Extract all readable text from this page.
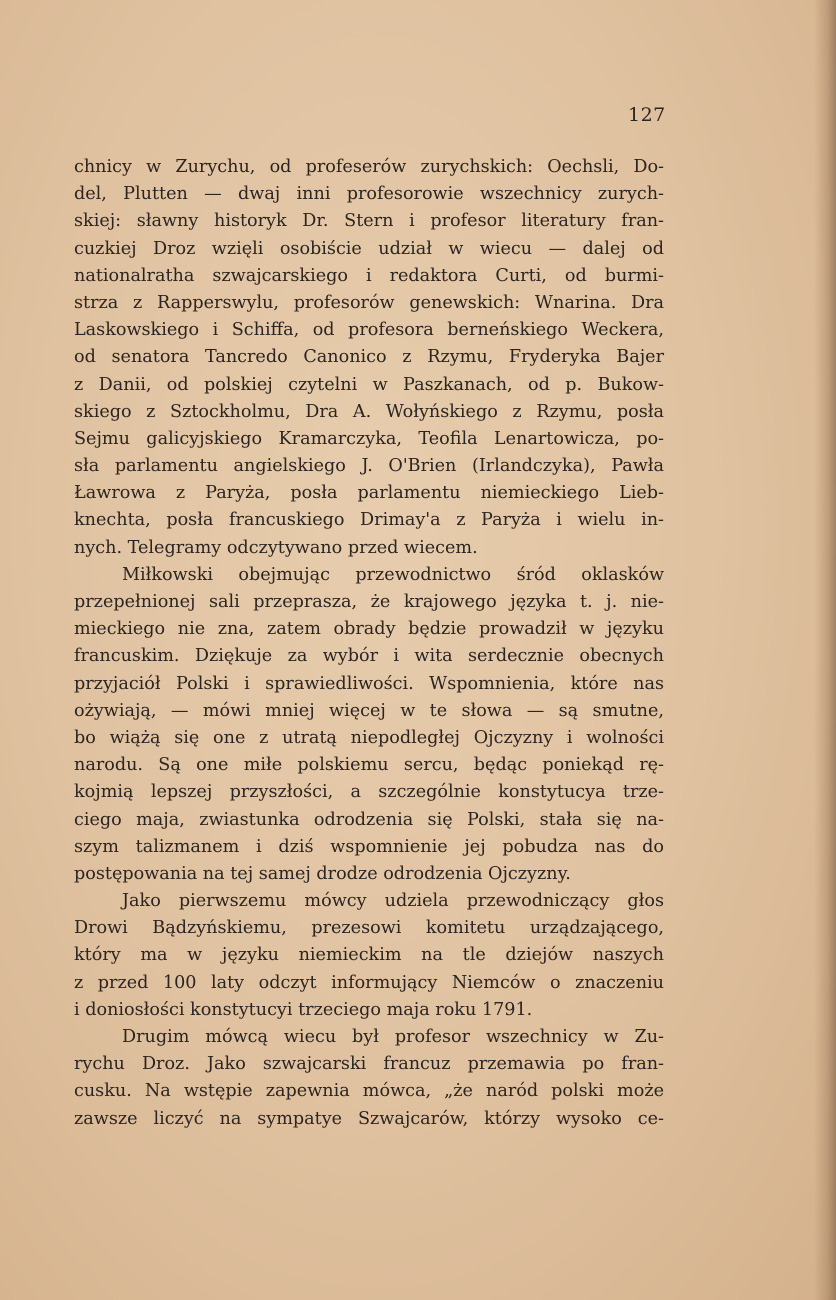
127
chnicy w Zurychu, od profeserów zurychskich: Oechsli, Do-
del, Plutten — dwaj inni profesorowie wszechnicy zurych-
skiej: sławny historyk Dr. Stern i profesor literatury fran-
cuzkiej Droz wzięli osobiście udział w wiecu — dalej od
nationalratha szwajcarskiego i redaktora Curti, od burmi-
strza z Rapperswylu, profesorów genewskich: Wnarina. Dra
Laskowskiego i Schiffa, od profesora berneńskiego Weckera,
od senatora Tancredo Canonico z Rzymu, Fryderyka Bajer
z Danii, od polskiej czytelni w Paszkanach, od p. Bukow-
skiego z Sztockholmu, Dra A. Wołyńskiego z Rzymu, posła
Sejmu galicyjskiego Kramarczyka, Teofila Lenartowicza, po-
sła parlamentu angielskiego J. O'Brien (Irlandczyka), Pawła
Ławrowa z Paryża, posła parlamentu niemieckiego Lieb-
knechta, posła francuskiego Drimay'a z Paryża i wielu in-
nych. Telegramy odczytywano przed wiecem.
Miłkowski obejmując przewodnictwo śród oklasków
przepełnionej sali przeprasza, że krajowego języka t. j. nie-
mieckiego nie zna, zatem obrady będzie prowadził w języku
francuskim. Dziękuje za wybór i wita serdecznie obecnych
przyjaciół Polski i sprawiedliwości. Wspomnienia, które nas
ożywiają, — mówi mniej więcej w te słowa — są smutne,
bo wiążą się one z utratą niepodległej Ojczyzny i wolności
narodu. Są one miłe polskiemu sercu, będąc poniekąd rę-
kojmią lepszej przyszłości, a szczególnie konstytucya trze-
ciego maja, zwiastunka odrodzenia się Polski, stała się na-
szym talizmanem i dziś wspomnienie jej pobudza nas do
postępowania na tej samej drodze odrodzenia Ojczyzny.
Jako pierwszemu mówcy udziela przewodniczący głos
Drowi Bądzyńskiemu, prezesowi komitetu urządzającego,
który ma w języku niemieckim na tle dziejów naszych
z przed 100 laty odczyt informujący Niemców o znaczeniu
i doniosłości konstytucyi trzeciego maja roku 1791.
Drugim mówcą wiecu był profesor wszechnicy w Zu-
rychu Droz. Jako szwajcarski francuz przemawia po fran-
cusku. Na wstępie zapewnia mówca, „że naród polski może
zawsze liczyć na sympatye Szwajcarów, którzy wysoko ce-
